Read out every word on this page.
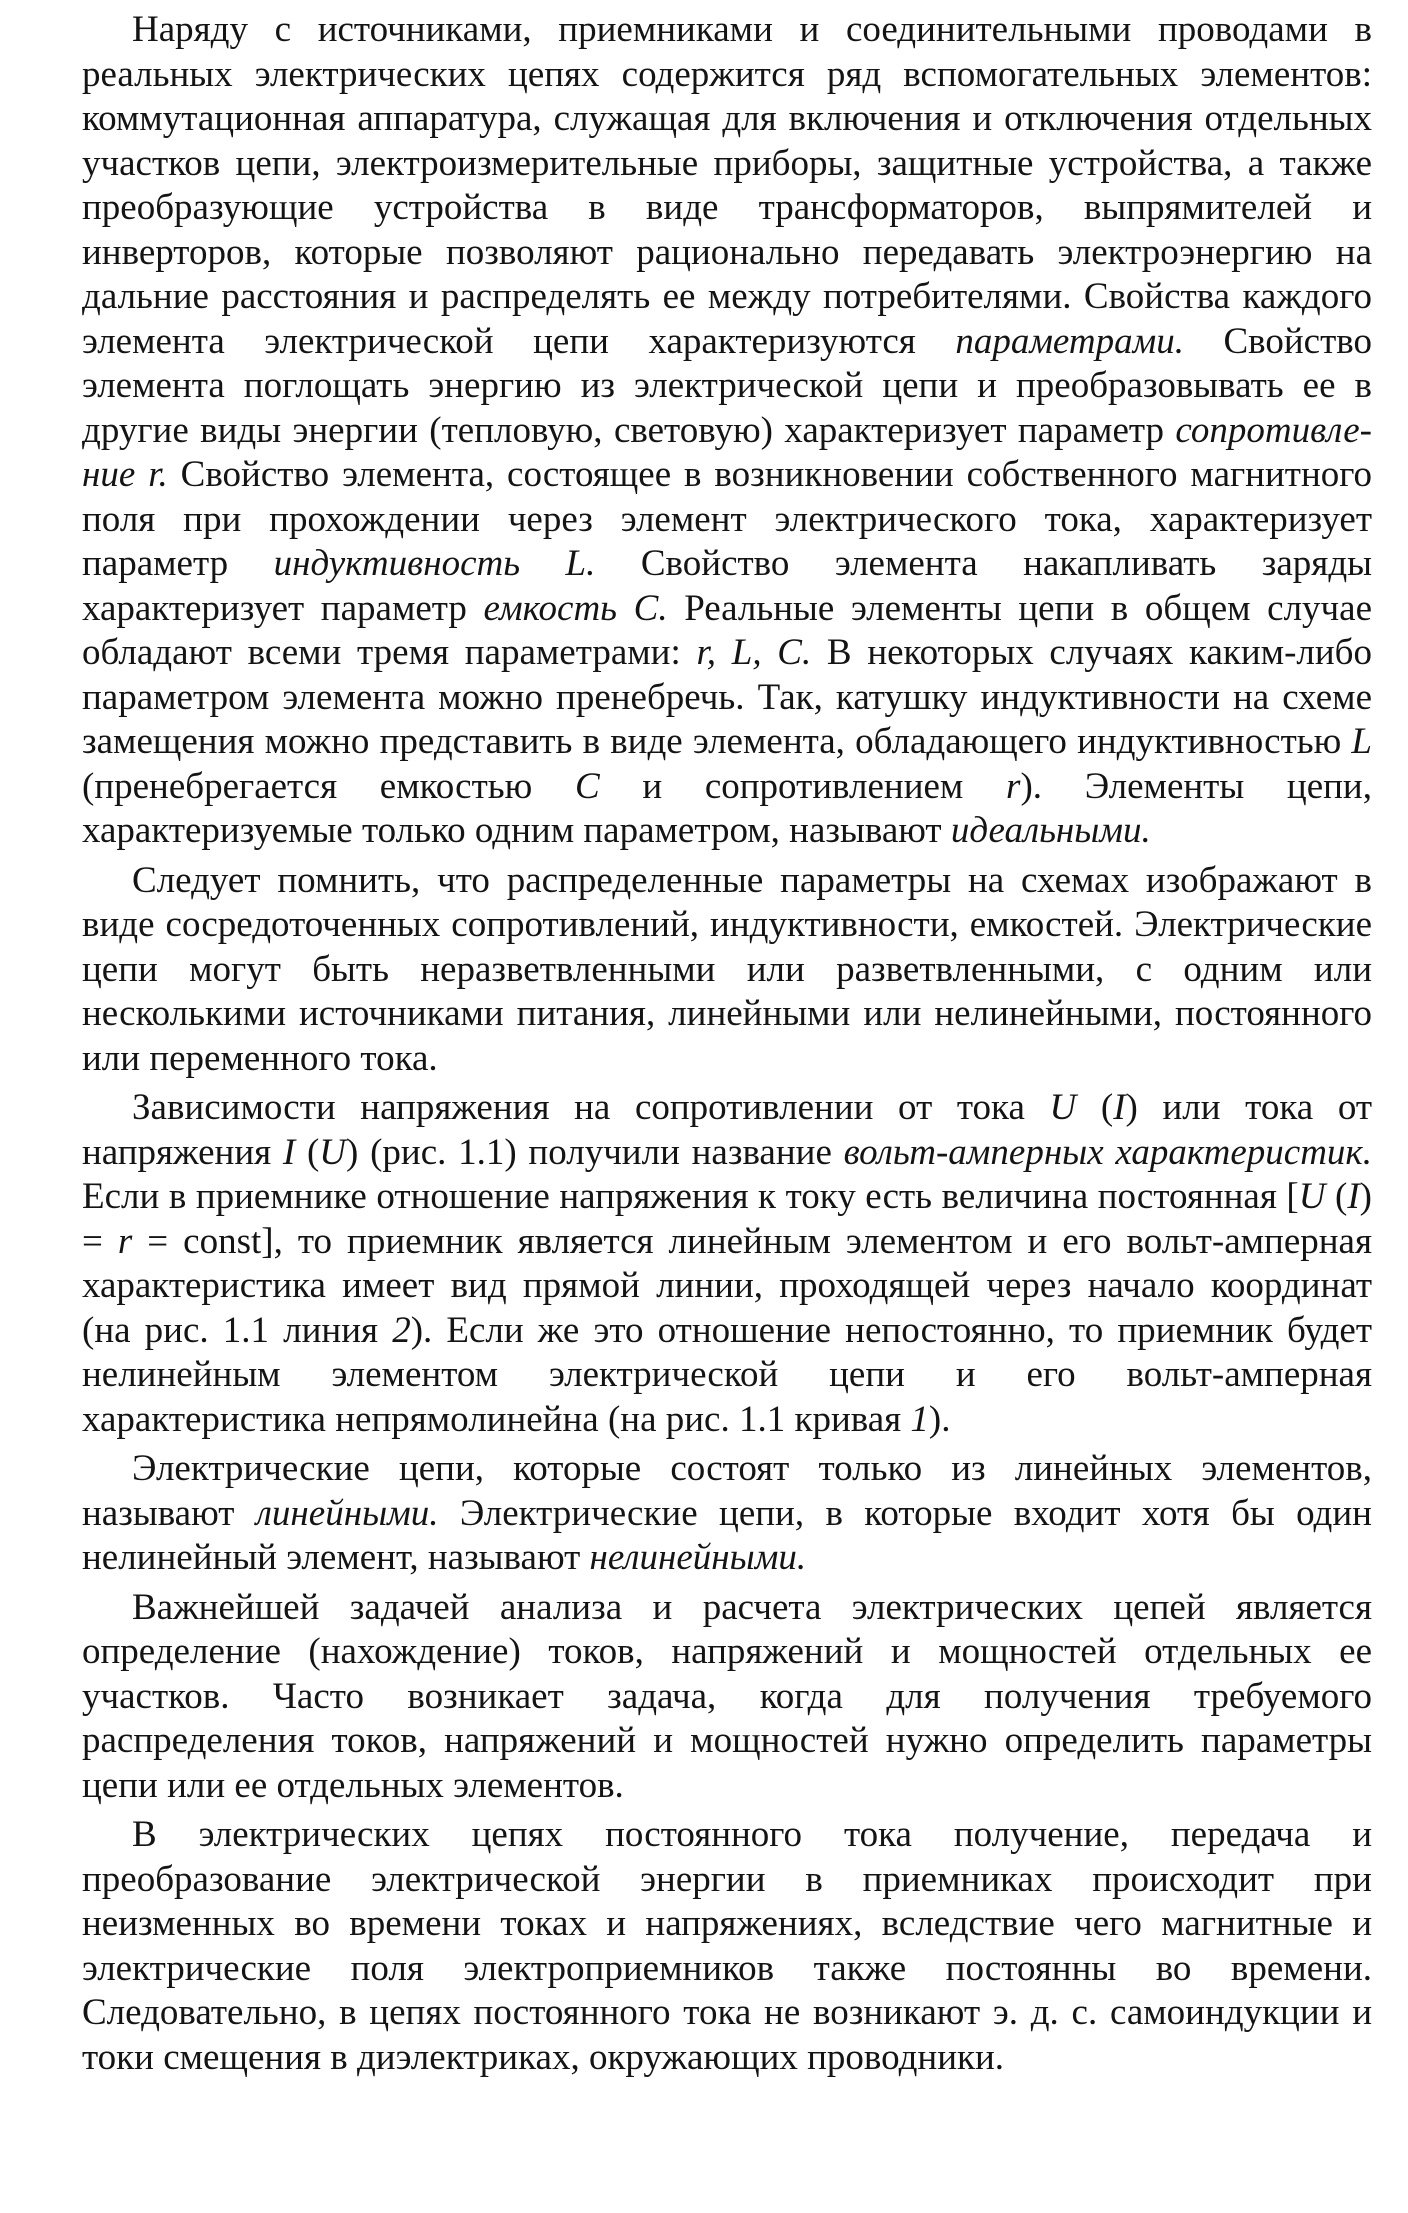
Наряду с источниками, приемниками и соединительными проводами в реальных электрических цепях содержится ряд вспомогательных элементов: коммутационная аппаратура, служащая для включения и отключения отдельных участков цепи, электроизмерительные приборы, защитные устройства, а также преобразующие устройства в виде трансформаторов, выпрямителей и инверторов, которые позволяют рационально передавать электроэнергию на дальние расстояния и распределять ее между потребителями. Свойства каждого элемента электрической цепи характеризуются параметрами. Свойство элемента поглощать энергию из электрической цепи и преобразовывать ее в другие виды энергии (тепловую, световую) характеризует параметр сопротивление r. Свойство элемента, состоящее в возникновении собственного магнитного поля при прохождении через элемент электрического тока, характеризует параметр индуктивность L. Свойство элемента накапливать заряды характеризует параметр емкость C. Реальные элементы цепи в общем случае обладают всеми тремя параметрами: r, L, C. В некоторых случаях каким-либо параметром элемента можно пренебречь. Так, катушку индуктивности на схеме замещения можно представить в виде элемента, обладающего индуктивностью L (пренебрегается емкостью C и сопротивлением r). Элементы цепи, характеризуемые только одним параметром, называют идеальными.

Следует помнить, что распределенные параметры на схемах изображают в виде сосредоточенных сопротивлений, индуктивности, емкостей. Электрические цепи могут быть неразветвленными или разветвленными, с одним или несколькими источниками питания, линейными или нелинейными, постоянного или переменного тока.

Зависимости напряжения на сопротивлении от тока U (I) или тока от напряжения I (U) (рис. 1.1) получили название вольт-амперных характеристик. Если в приемнике отношение напряжения к току есть величина постоянная [U (I) = r = const], то приемник является линейным элементом и его вольт-амперная характеристика имеет вид прямой линии, проходящей через начало координат (на рис. 1.1 линия 2). Если же это отношение непостоянно, то приемник будет нелинейным элементом электрической цепи и его вольт-амперная характеристика непрямолинейна (на рис. 1.1 кривая 1).

Электрические цепи, которые состоят только из линейных элементов, называют линейными. Электрические цепи, в которые входит хотя бы один нелинейный элемент, называют нелинейными.

Важнейшей задачей анализа и расчета электрических цепей является определение (нахождение) токов, напряжений и мощностей отдельных ее участков. Часто возникает задача, когда для получения требуемого распределения токов, напряжений и мощностей нужно определить параметры цепи или ее отдельных элементов.

В электрических цепях постоянного тока получение, передача и преобразование электрической энергии в приемниках происходит при неизменных во времени токах и напряжениях, вследствие чего магнитные и электрические поля электроприемников также постоянны во времени. Следовательно, в цепях постоянного тока не возникают э. д. с. самоиндукции и токи смещения в диэлектриках, окружающих проводники.
